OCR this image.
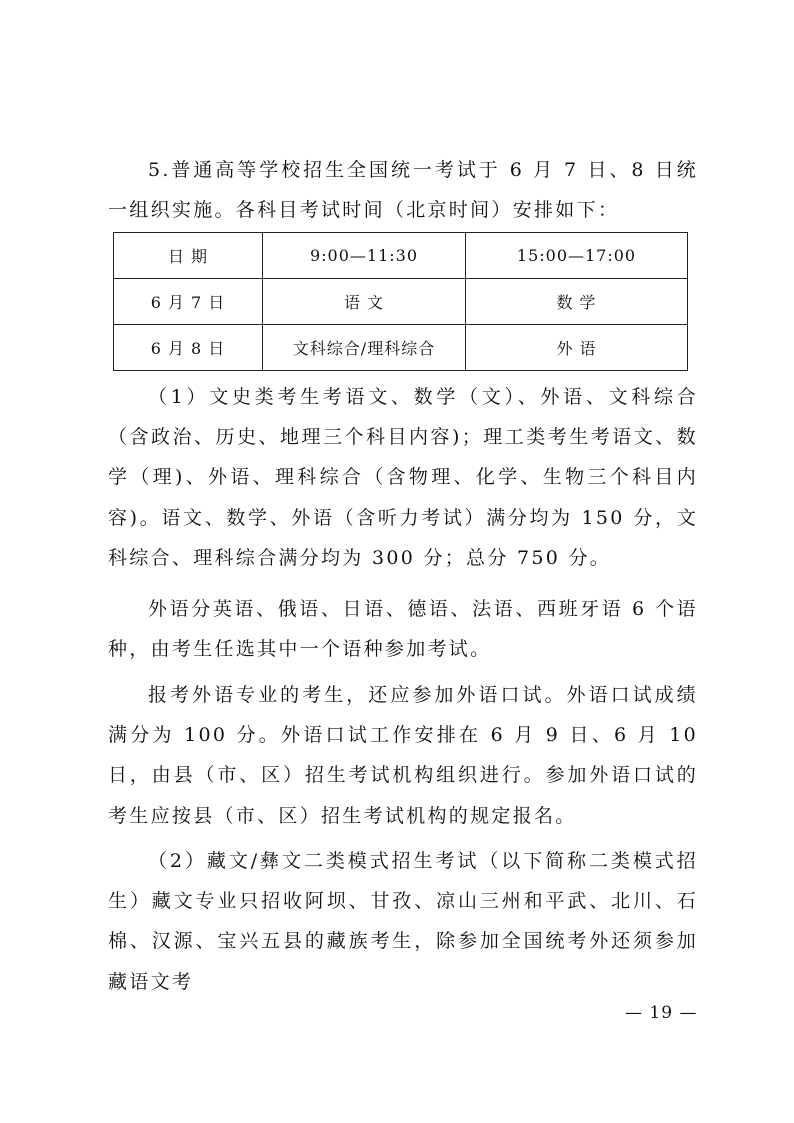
5.普通高等学校招生全国统一考试于 6 月 7 日、8 日统一组织实施。各科目考试时间（北京时间）安排如下：

日 期	9:00—11:30	15:00—17:00
6 月 7 日	语 文	数 学
6 月 8 日	文科综合/理科综合	外 语

（1）文史类考生考语文、数学（文）、外语、文科综合（含政治、历史、地理三个科目内容)；理工类考生考语文、数学（理)、外语、理科综合（含物理、化学、生物三个科目内容)。语文、数学、外语（含听力考试）满分均为 150 分，文科综合、理科综合满分均为 300 分；总分 750 分。

外语分英语、俄语、日语、德语、法语、西班牙语 6 个语种，由考生任选其中一个语种参加考试。

报考外语专业的考生，还应参加外语口试。外语口试成绩满分为 100 分。外语口试工作安排在 6 月 9 日、6 月 10 日，由县（市、区）招生考试机构组织进行。参加外语口试的考生应按县（市、区）招生考试机构的规定报名。

（2）藏文/彝文二类模式招生考试（以下简称二类模式招生）藏文专业只招收阿坝、甘孜、凉山三州和平武、北川、石棉、汉源、宝兴五县的藏族考生，除参加全国统考外还须参加藏语文考

— 19 —
